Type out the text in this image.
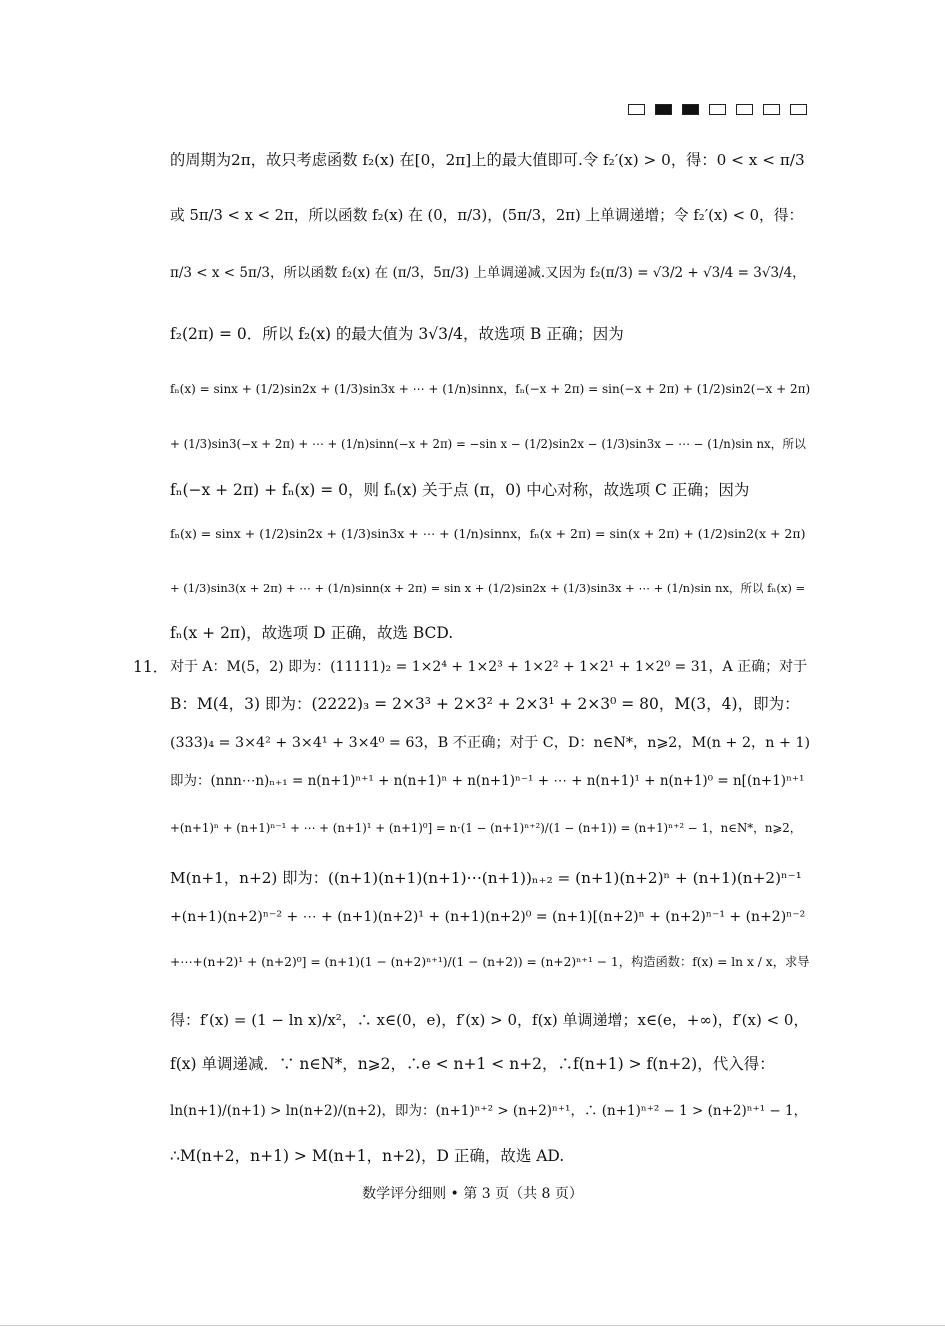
的周期为2π，故只考虑函数 f₂(x) 在[0，2π]上的最大值即可.令 f₂′(x) > 0，得：0 < x < π/3
或 5π/3 < x < 2π，所以函数 f₂(x) 在 (0，π/3)，(5π/3，2π) 上单调递增；令 f₂′(x) < 0，得：
π/3 < x < 5π/3，所以函数 f₂(x) 在 (π/3，5π/3) 上单调递减.又因为 f₂(π/3) = √3/2 + √3/4 = 3√3/4，
f₂(2π) = 0．所以 f₂(x) 的最大值为 3√3/4，故选项 B 正确；因为
fₙ(x) = sinx + (1/2)sin2x + (1/3)sin3x + ⋯ + (1/n)sinnx，fₙ(−x + 2π) = sin(−x + 2π) + (1/2)sin2(−x + 2π)
+ (1/3)sin3(−x + 2π) + ⋯ + (1/n)sinn(−x + 2π) = −sin x − (1/2)sin2x − (1/3)sin3x − ⋯ − (1/n)sin nx，所以
fₙ(−x + 2π) + fₙ(x) = 0，则 fₙ(x) 关于点 (π，0) 中心对称，故选项 C 正确；因为
fₙ(x) = sinx + (1/2)sin2x + (1/3)sin3x + ⋯ + (1/n)sinnx，fₙ(x + 2π) = sin(x + 2π) + (1/2)sin2(x + 2π)
+ (1/3)sin3(x + 2π) + ⋯ + (1/n)sinn(x + 2π) = sin x + (1/2)sin2x + (1/3)sin3x + ⋯ + (1/n)sin nx，所以 fₙ(x) =
fₙ(x + 2π)，故选项 D 正确，故选 BCD.
11． 对于 A：M(5，2) 即为：(11111)₂ = 1×2⁴ + 1×2³ + 1×2² + 1×2¹ + 1×2⁰ = 31，A 正确；对于
B：M(4，3) 即为：(2222)₃ = 2×3³ + 2×3² + 2×3¹ + 2×3⁰ = 80，M(3，4)，即为：
(333)₄ = 3×4² + 3×4¹ + 3×4⁰ = 63，B 不正确；对于 C，D：n∈N*，n⩾2，M(n + 2，n + 1)
即为：(nnn⋯n)ₙ₊₁ = n(n+1)ⁿ⁺¹ + n(n+1)ⁿ + n(n+1)ⁿ⁻¹ + ⋯ + n(n+1)¹ + n(n+1)⁰ = n[(n+1)ⁿ⁺¹
+(n+1)ⁿ + (n+1)ⁿ⁻¹ + ⋯ + (n+1)¹ + (n+1)⁰] = n·(1 − (n+1)ⁿ⁺²)/(1 − (n+1)) = (n+1)ⁿ⁺² − 1，n∈N*，n⩾2，
M(n+1，n+2) 即为：((n+1)(n+1)(n+1)⋯(n+1))ₙ₊₂ = (n+1)(n+2)ⁿ + (n+1)(n+2)ⁿ⁻¹
+(n+1)(n+2)ⁿ⁻² + ⋯ + (n+1)(n+2)¹ + (n+1)(n+2)⁰ = (n+1)[(n+2)ⁿ + (n+2)ⁿ⁻¹ + (n+2)ⁿ⁻²
+⋯+(n+2)¹ + (n+2)⁰] = (n+1)(1 − (n+2)ⁿ⁺¹)/(1 − (n+2)) = (n+2)ⁿ⁺¹ − 1，构造函数：f(x) = ln x / x，求导
得：f′(x) = (1 − ln x)/x²，∴ x∈(0，e)，f′(x) > 0，f(x) 单调递增；x∈(e，+∞)，f′(x) < 0，
f(x) 单调递减．∵ n∈N*，n⩾2，∴e < n+1 < n+2，∴f(n+1) > f(n+2)，代入得：
ln(n+1)/(n+1) > ln(n+2)/(n+2)，即为：(n+1)ⁿ⁺² > (n+2)ⁿ⁺¹，∴ (n+1)ⁿ⁺² − 1 > (n+2)ⁿ⁺¹ − 1，
∴M(n+2，n+1) > M(n+1，n+2)，D 正确，故选 AD.
数学评分细则 • 第 3 页（共 8 页）
